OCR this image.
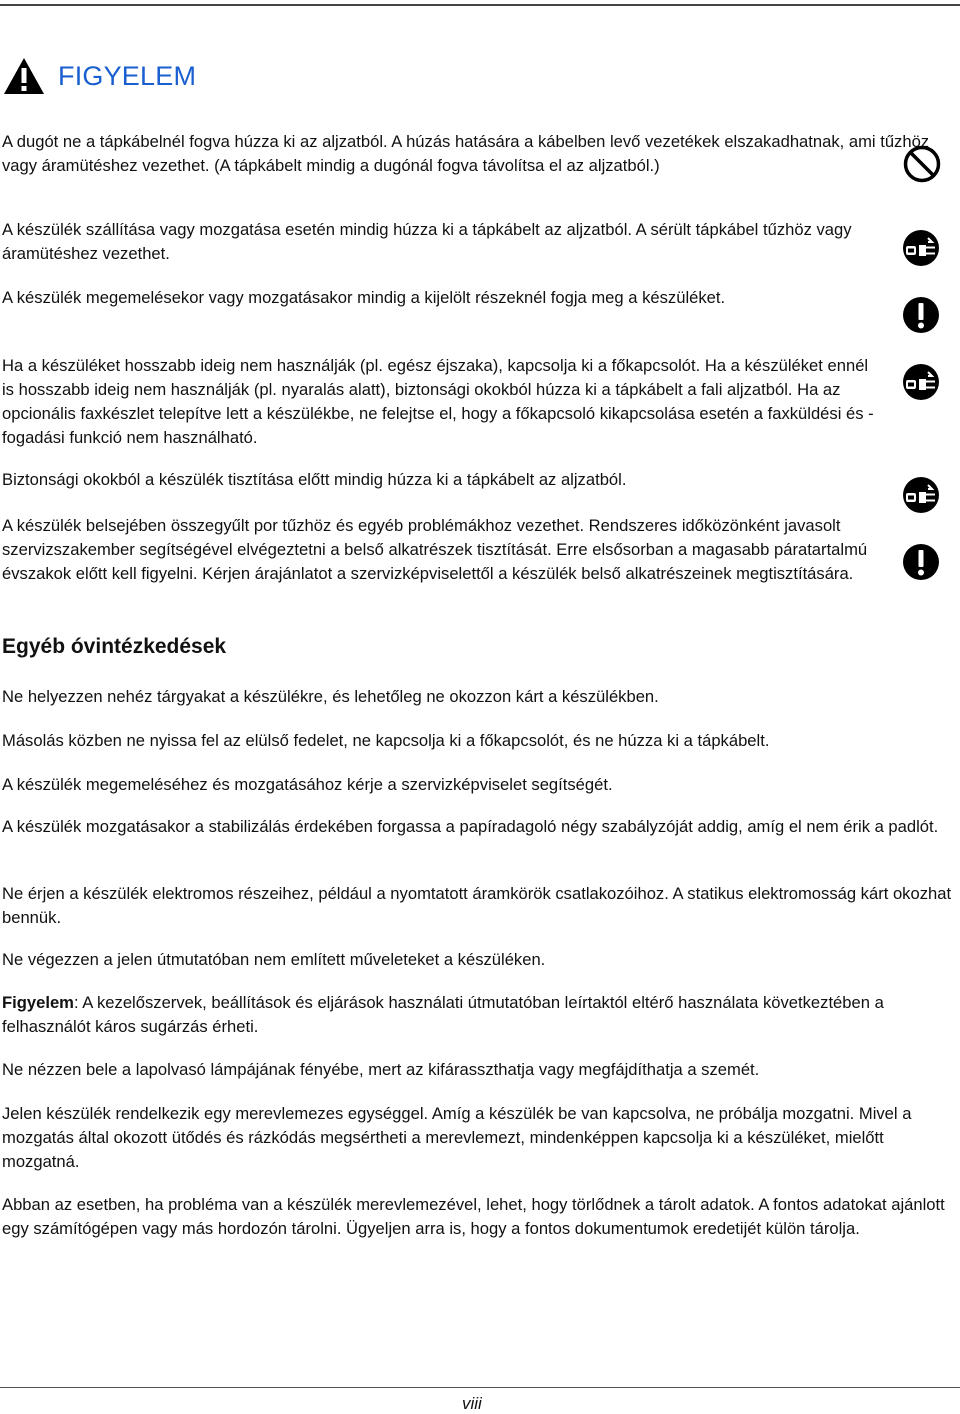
FIGYELEM

A dugót ne a tápkábelnél fogva húzza ki az aljzatból. A húzás hatására a kábelben levő vezetékek elszakadhatnak, ami tűzhöz vagy áramütéshez vezethet. (A tápkábelt mindig a dugónál fogva távolítsa el az aljzatból.)

A készülék szállítása vagy mozgatása esetén mindig húzza ki a tápkábelt az aljzatból. A sérült tápkábel tűzhöz vagy áramütéshez vezethet.

A készülék megemelésekor vagy mozgatásakor mindig a kijelölt részeknél fogja meg a készüléket.

Ha a készüléket hosszabb ideig nem használják (pl. egész éjszaka), kapcsolja ki a főkapcsolót. Ha a készüléket ennél is hosszabb ideig nem használják (pl. nyaralás alatt), biztonsági okokból húzza ki a tápkábelt a fali aljzatból. Ha az opcionális faxkészlet telepítve lett a készülékbe, ne felejtse el, hogy a főkapcsoló kikapcsolása esetén a faxküldési és -fogadási funkció nem használható.

Biztonsági okokból a készülék tisztítása előtt mindig húzza ki a tápkábelt az aljzatból.

A készülék belsejében összegyűlt por tűzhöz és egyéb problémákhoz vezethet. Rendszeres időközönként javasolt szervizszakember segítségével elvégeztetni a belső alkatrészek tisztítását. Erre elsősorban a magasabb páratartalmú évszakok előtt kell figyelni. Kérjen árajánlatot a szervizképviselettől a készülék belső alkatrészeinek megtisztítására.

Egyéb óvintézkedések

Ne helyezzen nehéz tárgyakat a készülékre, és lehetőleg ne okozzon kárt a készülékben.

Másolás közben ne nyissa fel az elülső fedelet, ne kapcsolja ki a főkapcsolót, és ne húzza ki a tápkábelt.

A készülék megemeléséhez és mozgatásához kérje a szervizképviselet segítségét.

A készülék mozgatásakor a stabilizálás érdekében forgassa a papíradagoló négy szabályzóját addig, amíg el nem érik a padlót.

Ne érjen a készülék elektromos részeihez, például a nyomtatott áramkörök csatlakozóihoz. A statikus elektromosság kárt okozhat bennük.

Ne végezzen a jelen útmutatóban nem említett műveleteket a készüléken.

Figyelem: A kezelőszervek, beállítások és eljárások használati útmutatóban leírtaktól eltérő használata következtében a felhasználót káros sugárzás érheti.

Ne nézzen bele a lapolvasó lámpájának fényébe, mert az kifárasszthatja vagy megfájdíthatja a szemét.

Jelen készülék rendelkezik egy merevlemezes egységgel. Amíg a készülék be van kapcsolva, ne próbálja mozgatni. Mivel a mozgatás által okozott ütődés és rázkódás megsértheti a merevlemezt, mindenképpen kapcsolja ki a készüléket, mielőtt mozgatná.

Abban az esetben, ha probléma van a készülék merevlemezével, lehet, hogy törlődnek a tárolt adatok. A fontos adatokat ajánlott egy számítógépen vagy más hordozón tárolni. Ügyeljen arra is, hogy a fontos dokumentumok eredetijét külön tárolja.

viii
